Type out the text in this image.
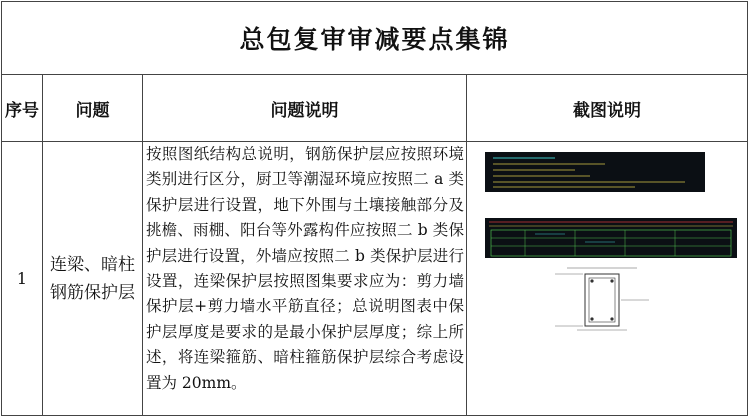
总包复审审减要点集锦			
序号	问题	问题说明	截图说明
1	连梁、暗柱钢筋保护层	按照图纸结构总说明，钢筋保护层应按照环境类别进行区分，厨卫等潮湿环境应按照二 a 类保护层进行设置，地下外围与土壤接触部分及挑檐、雨棚、阳台等外露构件应按照二 b 类保护层进行设置，外墙应按照二 b 类保护层进行设置，连梁保护层按照图集要求应为：剪力墙保护层+剪力墙水平筋直径；总说明图表中保护层厚度是要求的是最小保护层厚度；综上所述，将连梁箍筋、暗柱箍筋保护层综合考虑设置为 20mm。	
